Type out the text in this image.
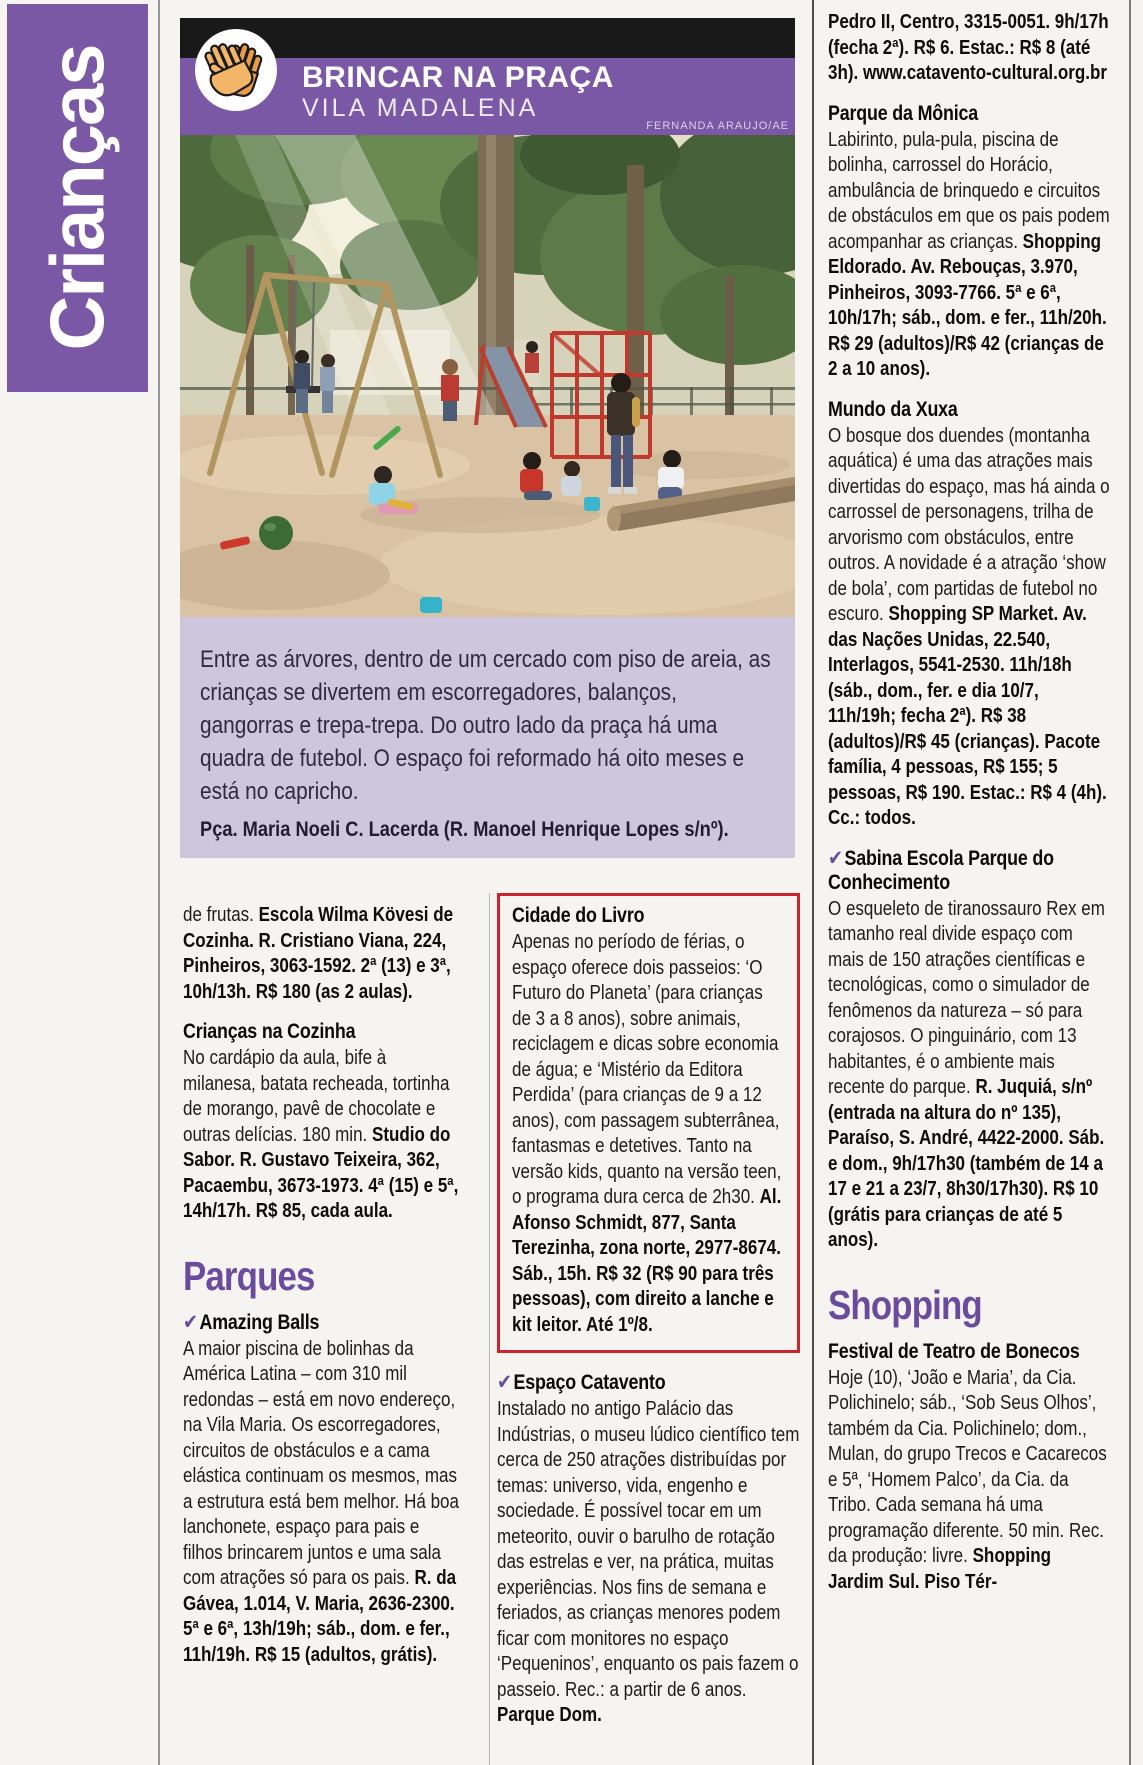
Crianças	BRINCAR NA PRAÇA
VILA MADALENA
FERNANDA ARAUJO/AE
Entre as árvores, dentro de um cercado com piso de areia, as crianças se divertem em escorregadores, balanços, gangorras e trepa-trepa. Do outro lado da praça há uma quadra de futebol. O espaço foi reformado há oito meses e está no capricho.
Pça. Maria Noeli C. Lacerda (R. Manoel Henrique Lopes s/nº).

de frutas. Escola Wilma Kövesi de Cozinha. R. Cristiano Viana, 224, Pinheiros, 3063-1592. 2ª (13) e 3ª, 10h/13h. R$ 180 (as 2 aulas).

Crianças na Cozinha

No cardápio da aula, bife à milanesa, batata recheada, tortinha de morango, pavê de chocolate e outras delícias. 180 min. Studio do Sabor. R. Gustavo Teixeira, 362, Pacaembu, 3673-1973. 4ª (15) e 5ª, 14h/17h. R$ 85, cada aula.

Parques
✔Amazing Balls

A maior piscina de bolinhas da América Latina – com 310 mil redondas – está em novo endereço, na Vila Maria. Os escorregadores, circuitos de obstáculos e a cama elástica continuam os mesmos, mas a estrutura está bem melhor. Há boa lanchonete, espaço para pais e filhos brincarem juntos e uma sala com atrações só para os pais. R. da Gávea, 1.014, V. Maria, 2636-2300. 5ª e 6ª, 13h/19h; sáb., dom. e fer., 11h/19h. R$ 15 (adultos, grátis).

Cidade do Livro

Apenas no período de férias, o espaço oferece dois passeios: ‘O Futuro do Planeta’ (para crianças de 3 a 8 anos), sobre animais, reciclagem e dicas sobre economia de água; e ‘Mistério da Editora Perdida’ (para crianças de 9 a 12 anos), com passagem subterrânea, fantasmas e detetives. Tanto na versão kids, quanto na versão teen, o programa dura cerca de 2h30. Al. Afonso Schmidt, 877, Santa Terezinha, zona norte, 2977-8674. Sáb., 15h. R$ 32 (R$ 90 para três pessoas), com direito a lanche e kit leitor. Até 1º/8.

✔Espaço Catavento

Instalado no antigo Palácio das Indústrias, o museu lúdico científico tem cerca de 250 atrações distribuídas por temas: universo, vida, engenho e sociedade. É possível tocar em um meteorito, ouvir o barulho de rotação das estrelas e ver, na prática, muitas experiências. Nos fins de semana e feriados, as crianças menores podem ficar com monitores no espaço ‘Pequeninos’, enquanto os pais fazem o passeio. Rec.: a partir de 6 anos. Parque Dom.

Pedro II, Centro, 3315-0051. 9h/17h (fecha 2ª). R$ 6. Estac.: R$ 8 (até 3h). www.catavento-cultural.org.br

Parque da Mônica

Labirinto, pula-pula, piscina de bolinha, carrossel do Horácio, ambulância de brinquedo e circuitos de obstáculos em que os pais podem acompanhar as crianças. Shopping Eldorado. Av. Rebouças, 3.970, Pinheiros, 3093-7766. 5ª e 6ª, 10h/17h; sáb., dom. e fer., 11h/20h. R$ 29 (adultos)/R$ 42 (crianças de 2 a 10 anos).

Mundo da Xuxa

O bosque dos duendes (montanha aquática) é uma das atrações mais divertidas do espaço, mas há ainda o carrossel de personagens, trilha de arvorismo com obstáculos, entre outros. A novidade é a atração ‘show de bola’, com partidas de futebol no escuro. Shopping SP Market. Av. das Nações Unidas, 22.540, Interlagos, 5541-2530. 11h/18h (sáb., dom., fer. e dia 10/7, 11h/19h; fecha 2ª). R$ 38 (adultos)/R$ 45 (crianças). Pacote família, 4 pessoas, R$ 155; 5 pessoas, R$ 190. Estac.: R$ 4 (4h). Cc.: todos.

✔Sabina Escola Parque do Conhecimento

O esqueleto de tiranossauro Rex em tamanho real divide espaço com mais de 150 atrações científicas e tecnológicas, como o simulador de fenômenos da natureza – só para corajosos. O pinguinário, com 13 habitantes, é o ambiente mais recente do parque. R. Juquiá, s/nº (entrada na altura do nº 135), Paraíso, S. André, 4422-2000. Sáb. e dom., 9h/17h30 (também de 14 a 17 e 21 a 23/7, 8h30/17h30). R$ 10 (grátis para crianças de até 5 anos).

Shopping
Festival de Teatro de Bonecos

Hoje (10), ‘João e Maria’, da Cia. Polichinelo; sáb., ‘Sob Seus Olhos’, também da Cia. Polichinelo; dom., Mulan, do grupo Trecos e Cacarecos e 5ª, ‘Homem Palco’, da Cia. da Tribo. Cada semana há uma programação diferente. 50 min. Rec. da produção: livre. Shopping Jardim Sul. Piso Tér-
